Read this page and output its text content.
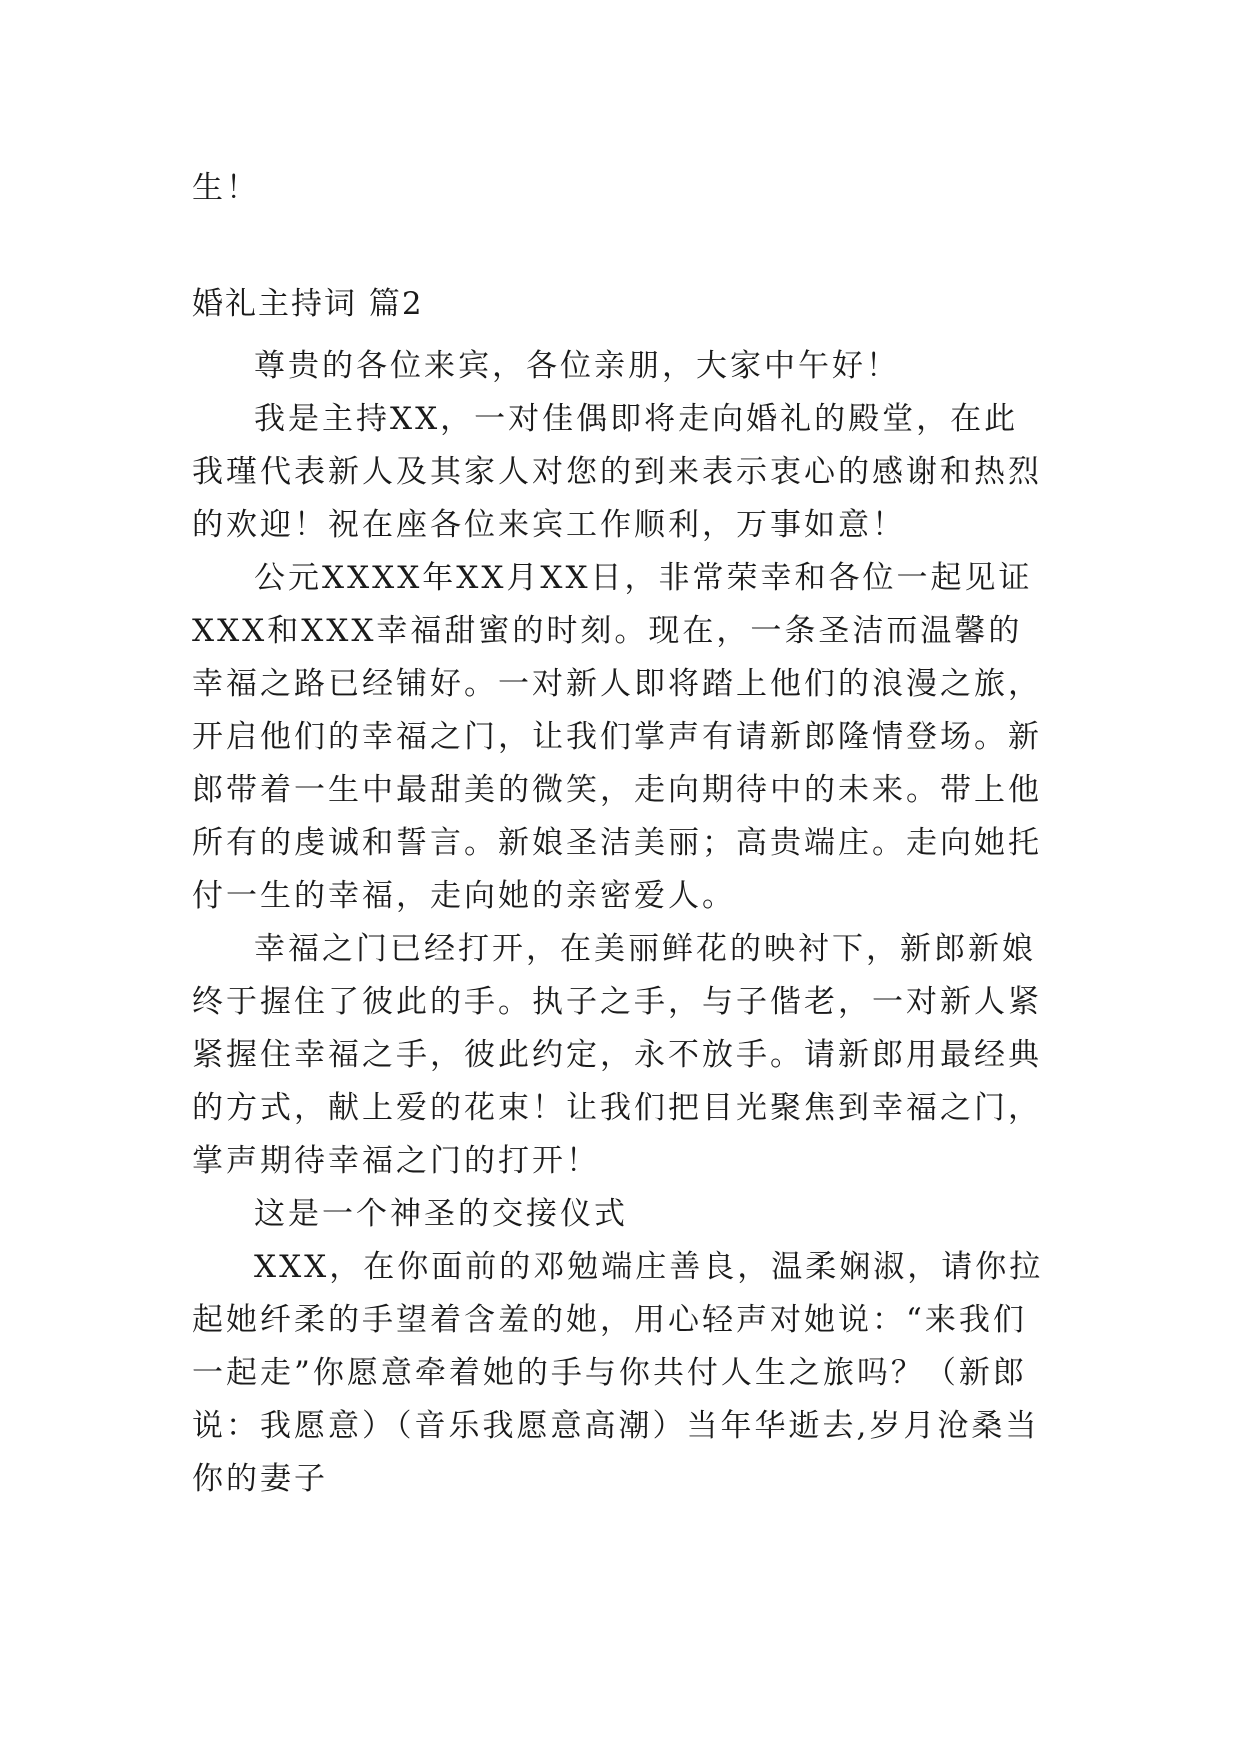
生！

婚礼主持词 篇2

尊贵的各位来宾，各位亲朋，大家中午好！

我是主持XX，一对佳偶即将走向婚礼的殿堂，在此我瑾代表新人及其家人对您的到来表示衷心的感谢和热烈的欢迎！祝在座各位来宾工作顺利，万事如意！

公元XXXX年XX月XX日，非常荣幸和各位一起见证XXX和XXX幸福甜蜜的时刻。现在，一条圣洁而温馨的幸福之路已经铺好。一对新人即将踏上他们的浪漫之旅，开启他们的幸福之门，让我们掌声有请新郎隆情登场。新郎带着一生中最甜美的微笑，走向期待中的未来。带上他所有的虔诚和誓言。新娘圣洁美丽；高贵端庄。走向她托付一生的幸福，走向她的亲密爱人。

幸福之门已经打开，在美丽鲜花的映衬下，新郎新娘终于握住了彼此的手。执子之手，与子偕老，一对新人紧紧握住幸福之手，彼此约定，永不放手。请新郎用最经典的方式，献上爱的花束！让我们把目光聚焦到幸福之门，掌声期待幸福之门的打开！

这是一个神圣的交接仪式

XXX，在你面前的邓勉端庄善良，温柔娴淑，请你拉起她纤柔的手望着含羞的她，用心轻声对她说：“来我们一起走”你愿意牵着她的手与你共付人生之旅吗？（新郎说：我愿意）（音乐我愿意高潮）当年华逝去,岁月沧桑当你的妻子
